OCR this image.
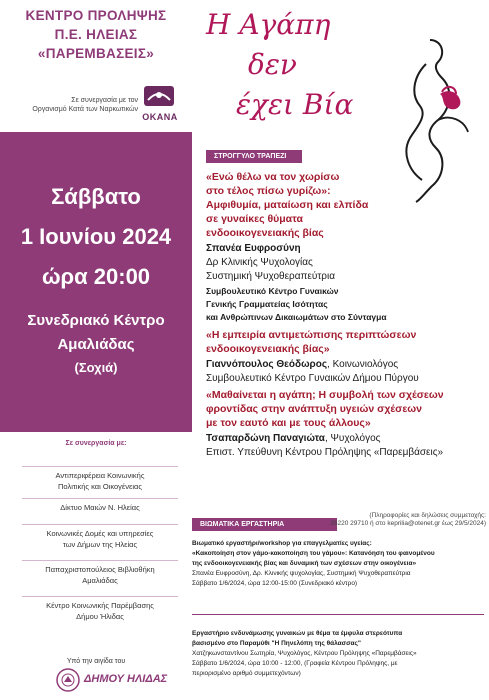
ΚΕΝΤΡΟ ΠΡΟΛΗΨΗΣ
Π.Ε. ΗΛΕΙΑΣ
«ΠΑΡΕΜΒΑΣΕΙΣ»
Σε συνεργασία με τον
Οργανισμό Κατά των Ναρκωτικών
ΟΚΑΝΑ
Σάββατο
1 Ιουνίου 2024
ώρα 20:00
Συνεδριακό Κέντρο
Αμαλιάδας
(Σοχιά)
Σε συνεργασία με:
Αντιπεριφέρεια Κοινωνικής
Πολιτικής και Οικογένειας
Δίκτυο Μαιών Ν. Ηλείας
Κοινωνικές Δομές και υπηρεσίες
των Δήμων της Ηλείας
Παπαχριστοπούλειος Βιβλιοθήκη
Αμαλιάδας
Κέντρο Κοινωνικής Παρέμβασης
Δήμου Ήλιδας
Υπό την αιγίδα του
ΔΗΜΟΥ ΗΛΙΔΑΣ
Η Αγάπη
δεν
έχει Βία
ΣΤΡΟΓΓΥΛΟ ΤΡΑΠΕΖΙ
«Ενώ θέλω να τον χωρίσω
στο τέλος πίσω γυρίζω»:
Αμφιθυμία, ματαίωση και ελπίδα
σε γυναίκες θύματα
ενδοοικογενειακής βίας
Σπανέα Ευφροσύνη
Δρ Κλινικής Ψυχολογίας
Συστημική Ψυχοθεραπεύτρια
Συμβουλευτικό Κέντρο Γυναικών
Γενικής Γραμματείας Ισότητας
και Ανθρώπινων Δικαιωμάτων στο Σύνταγμα
«Η εμπειρία αντιμετώπισης περιπτώσεων
ενδοοικογενειακής βίας»
Γιαννόπουλος Θεόδωρος, Κοινωνιολόγος
Συμβουλευτικό Κέντρο Γυναικών Δήμου Πύργου
«Μαθαίνεται η αγάπη; Η συμβολή των σχέσεων
φροντίδας στην ανάπτυξη υγειών σχέσεων
με τον εαυτό και με τους άλλους»
Τσαπαρδώνη Παναγιώτα, Ψυχολόγος
Επιστ. Υπεύθυνη Κέντρου Πρόληψης «Παρεμβάσεις»
ΒΙΩΜΑΤΙΚΑ ΕΡΓΑΣΤΗΡΙΑ
(Πληροφορίες και δηλώσεις συμμετοχής:
26220 29710 ή στο keprilia@otenet.gr έως 29/5/2024)
Βιωματικό εργαστήρι/workshop για επαγγελματίες υγείας:
«Κακοποίηση στον γάμο-κακοποίηση του γάμου»: Κατανόηση του φαινομένου
της ενδοοικογενειακής βίας και δυναμική των σχέσεων στην οικογένεια»
Σπανέα Ευφροσύνη, Δρ. Κλινικής ψυχολογίας, Συστημική Ψυχοθεραπεύτρια
Σάββατο 1/6/2024, ώρα 12:00-15:00 (Συνεδριακό κέντρο)
Εργαστήριο ενδυνάμωσης γυναικών με θέμα τα έμφυλα στερεότυπα
βασισμένο στο Παραμύθι "Η Πηνελόπη της θάλασσας"
Χατζηκωνσταντίνου Σωτηρία, Ψυχολόγος, Κέντρου Πρόληψης «Παρεμβάσεις»
Σάββατο 1/6/2024, ώρα 10:00 - 12:00, (Γραφεία Κέντρου Πρόληψης, με
περιορισμένο αριθμό συμμετεχόντων)
